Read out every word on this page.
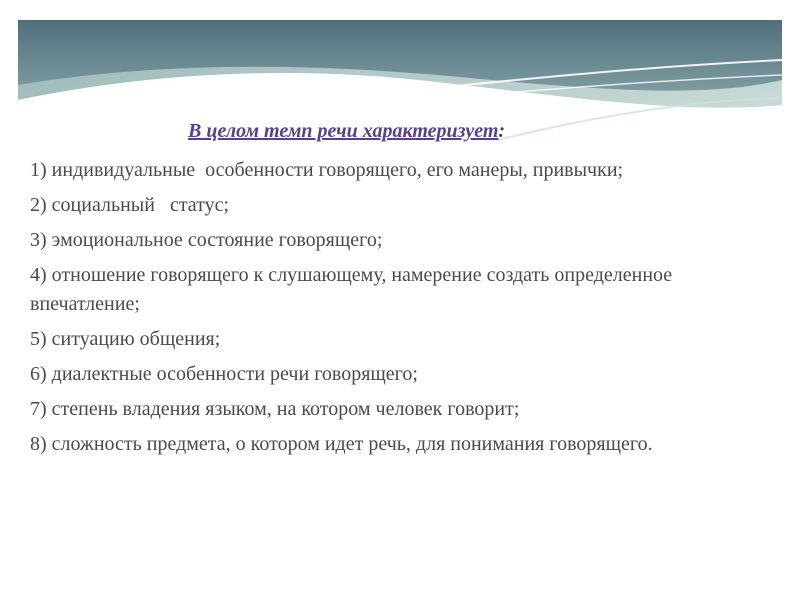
В целом темп речи характеризует:
1) индивидуальные  особенности говорящего, его манеры, привычки;
2) социальный   статус;
3) эмоциональное состояние говорящего;
4) отношение говорящего к слушающему, намерение создать определенное впечатление;
5) ситуацию общения;
6) диалектные особенности речи говорящего;
7) степень владения языком, на котором человек говорит;
8) сложность предмета, о котором идет речь, для понимания говорящего.
